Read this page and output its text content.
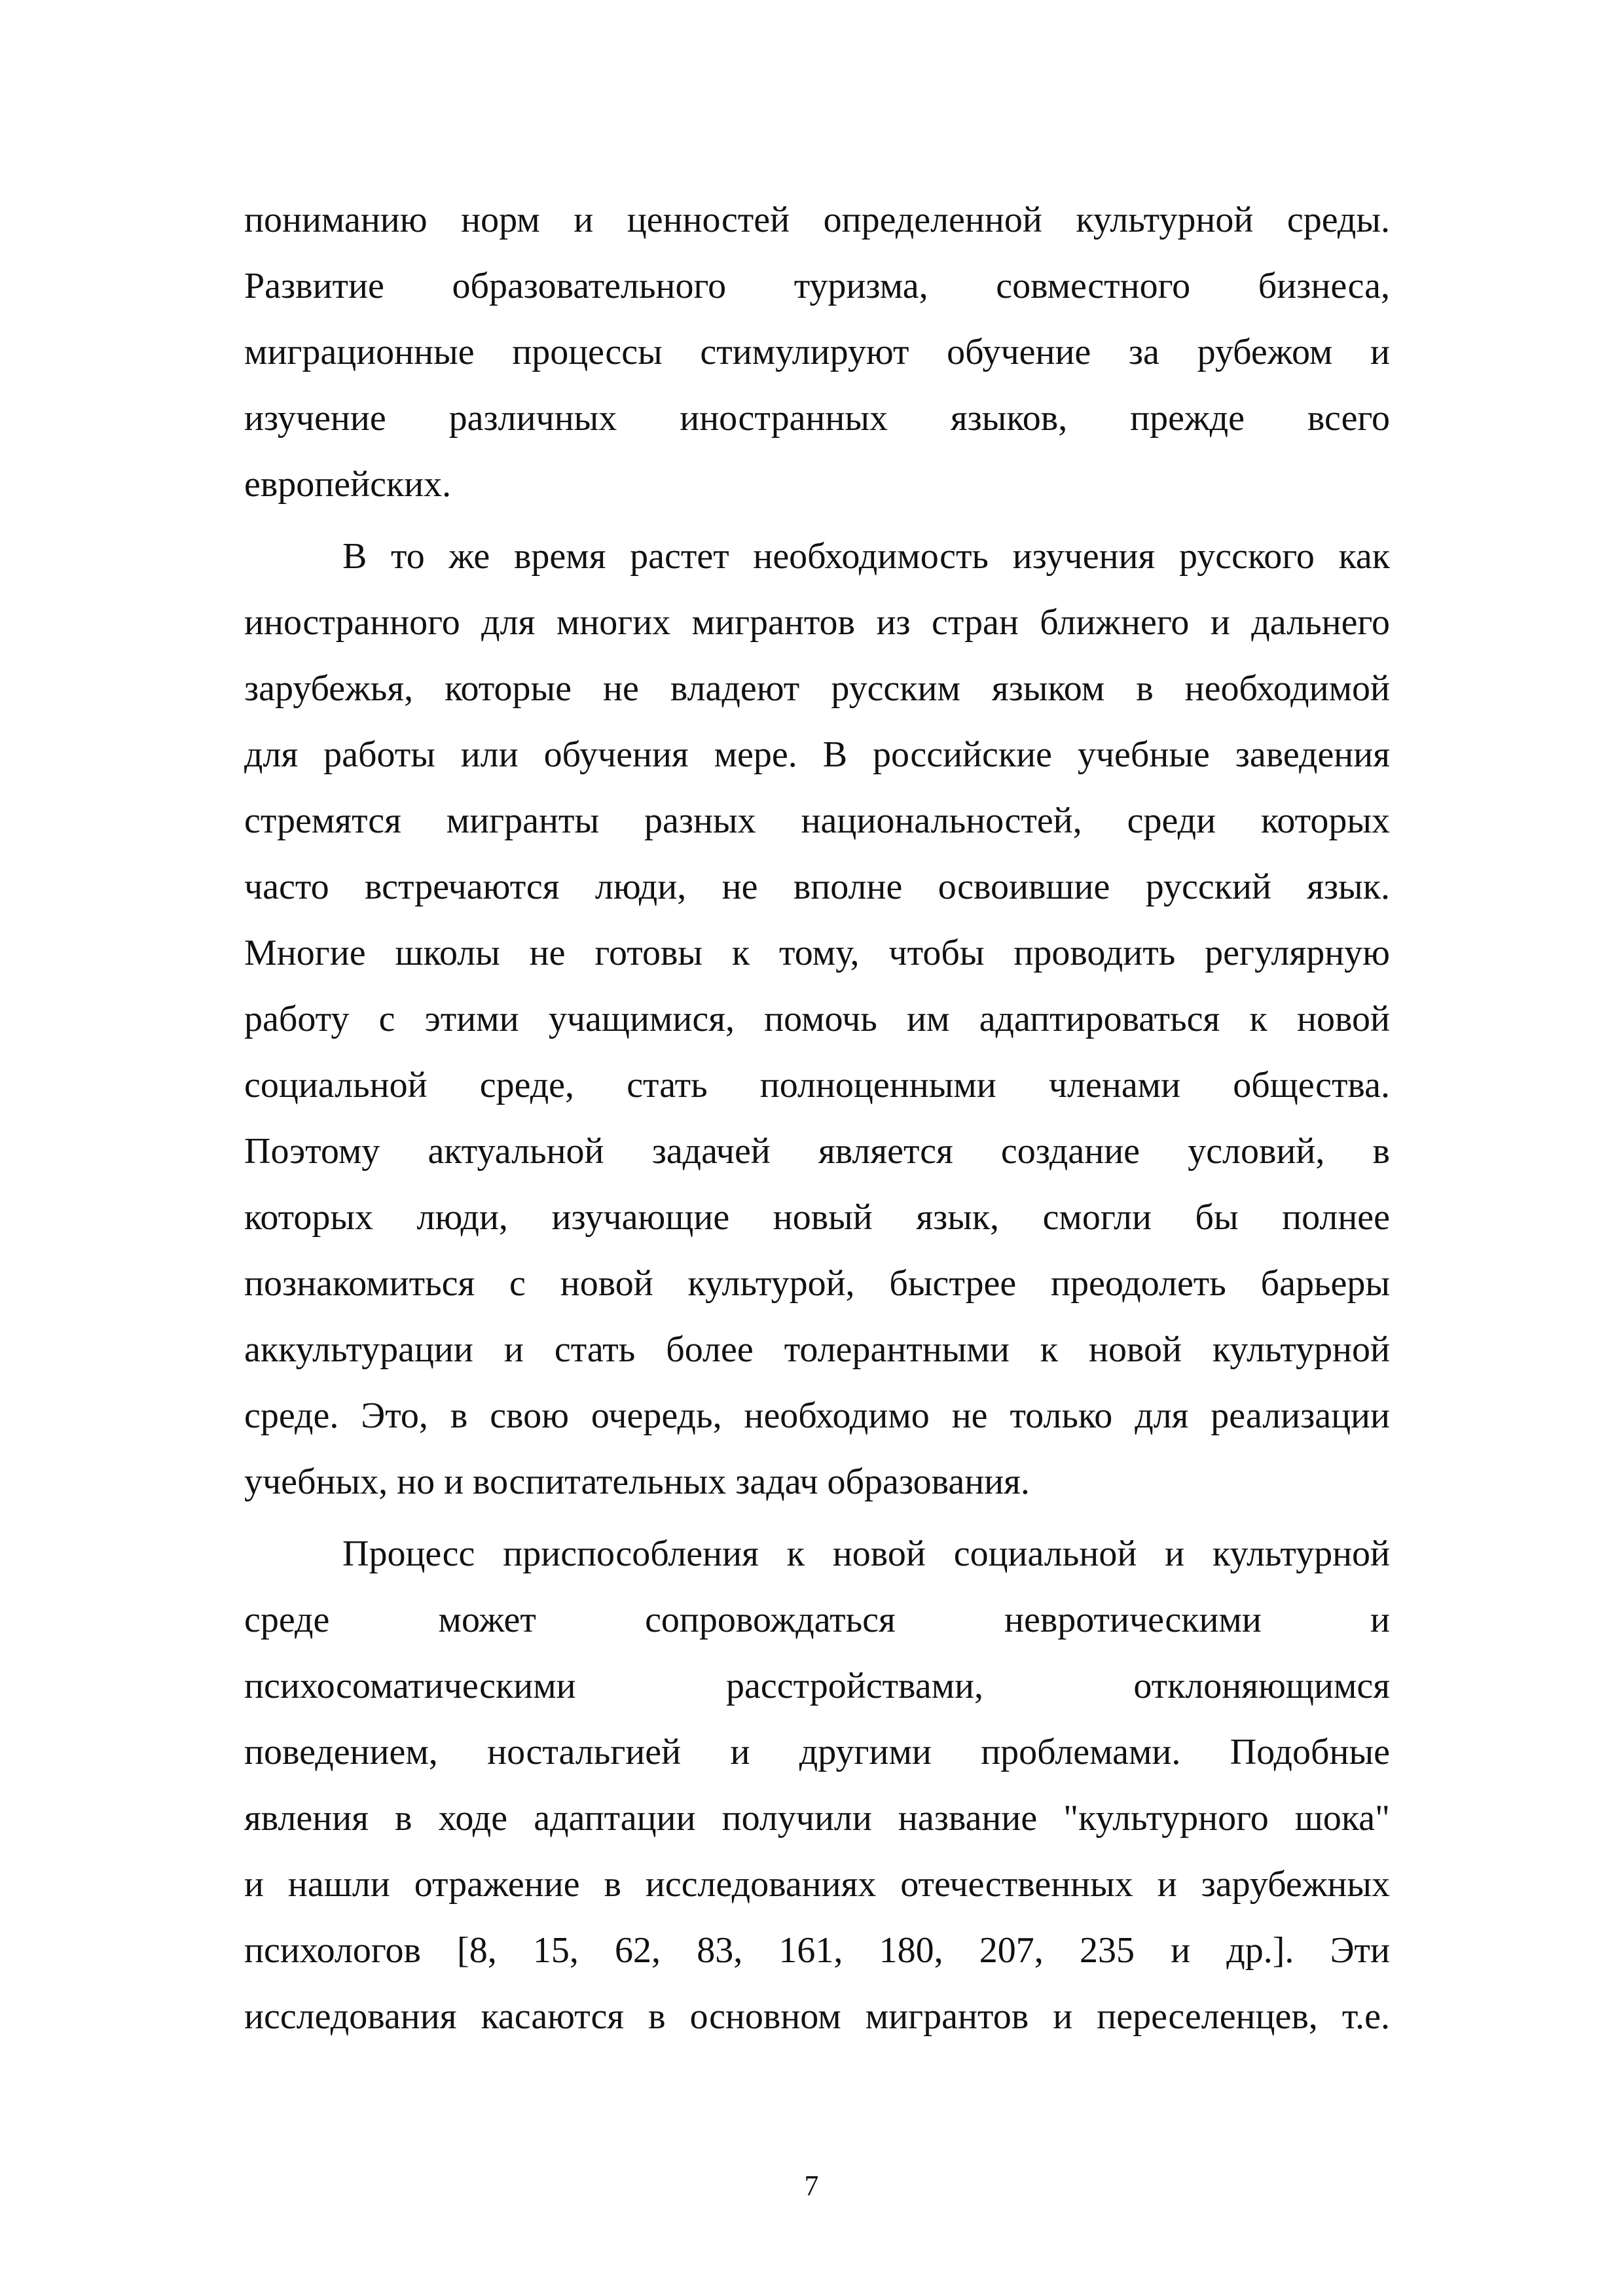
пониманию норм и ценностей определенной культурной среды.
Развитие образовательного туризма, совместного бизнеса,
миграционные процессы стимулируют обучение за рубежом и
изучение различных иностранных языков, прежде всего
европейских.
В то же время растет необходимость изучения русского как
иностранного для многих мигрантов из стран ближнего и дальнего
зарубежья, которые не владеют русским языком в необходимой
для работы или обучения мере. В российские учебные заведения
стремятся мигранты разных национальностей, среди которых
часто встречаются люди, не вполне освоившие русский язык.
Многие школы не готовы к тому, чтобы проводить регулярную
работу с этими учащимися, помочь им адаптироваться к новой
социальной среде, стать полноценными членами общества.
Поэтому актуальной задачей является создание условий, в
которых люди, изучающие новый язык, смогли бы полнее
познакомиться с новой культурой, быстрее преодолеть барьеры
аккультурации и стать более толерантными к новой культурной
среде. Это, в свою очередь, необходимо не только для реализации
учебных, но и воспитательных задач образования.
Процесс приспособления к новой социальной и культурной
среде может сопровождаться невротическими и
психосоматическими расстройствами, отклоняющимся
поведением, ностальгией и другими проблемами. Подобные
явления в ходе адаптации получили название "культурного шока"
и нашли отражение в исследованиях отечественных и зарубежных
психологов [8, 15, 62, 83, 161, 180, 207, 235 и др.]. Эти
исследования касаются в основном мигрантов и переселенцев, т.е.
7
